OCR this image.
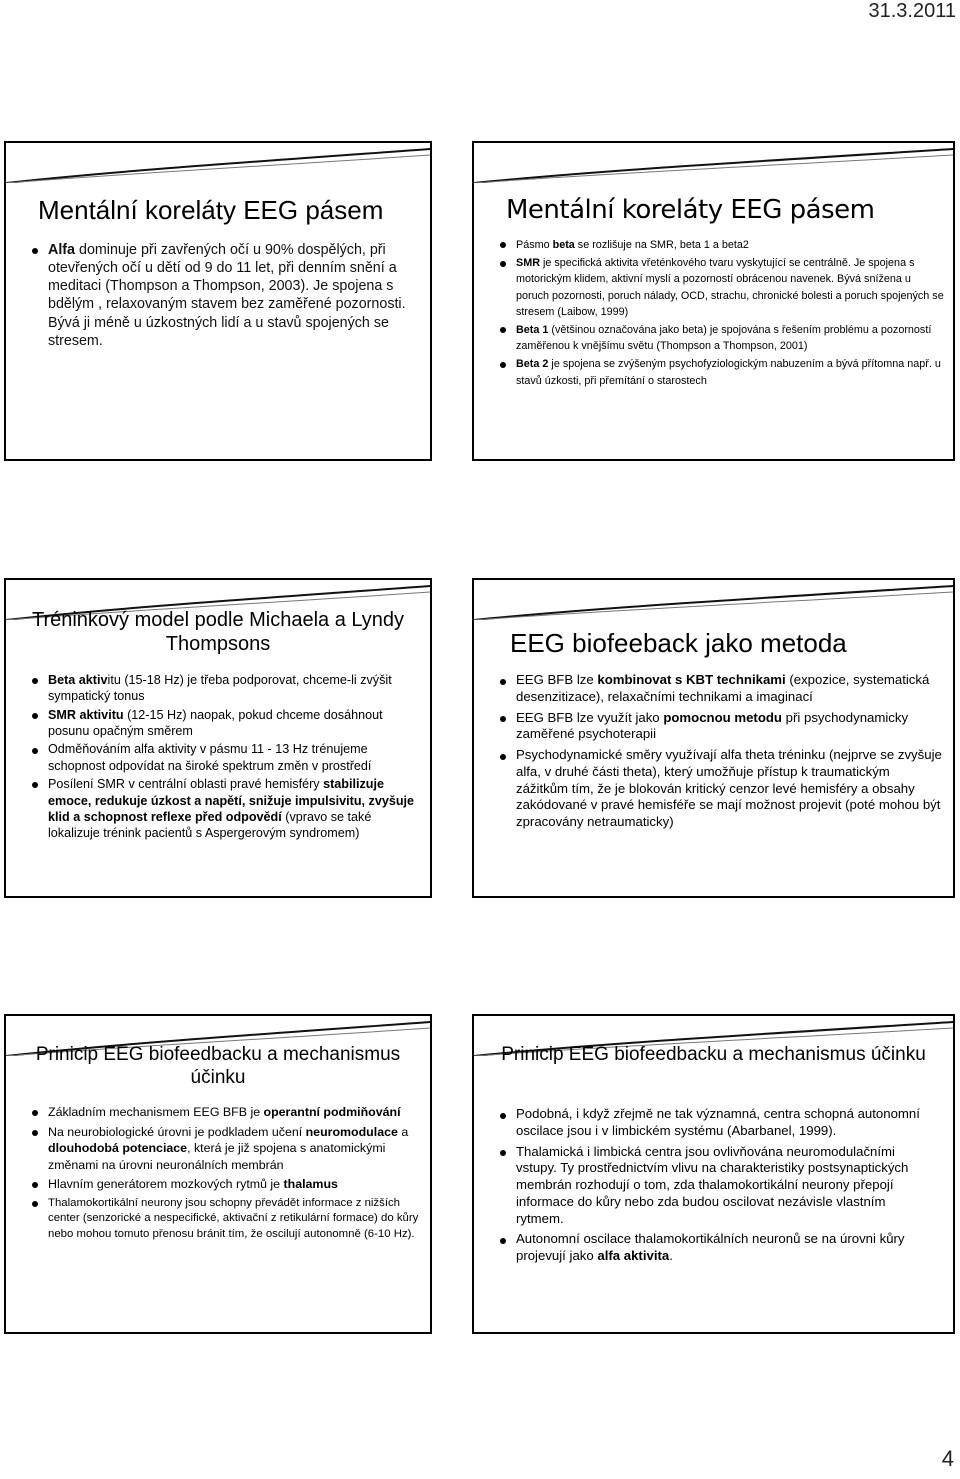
31.3.2011
Mentální koreláty EEG pásem

Alfa dominuje při zavřených očí u 90% dospělých, při otevřených očí u dětí od 9 do 11 let, při denním snění a meditaci (Thompson a Thompson, 2003). Je spojena s bdělým , relaxovaným stavem bez zaměřené pozornosti. Bývá ji méně u úzkostných lidí a u stavů spojených se stresem.

Mentální koreláty EEG pásem

Pásmo beta se rozlišuje na SMR, beta 1 a beta2

SMR je specifická aktivita vřeténkového tvaru vyskytující se centrálně. Je spojena s motorickým klidem, aktivní myslí a pozorností obrácenou navenek. Bývá snížena u poruch pozornosti, poruch nálady, OCD, strachu, chronické bolesti a poruch spojených se stresem (Laibow, 1999)

Beta 1 (většinou označována jako beta) je spojována s řešením problému a pozorností zaměřenou k vnějšímu světu (Thompson a Thompson, 2001)

Beta 2 je spojena se zvýšeným psychofyziologickým nabuzením a bývá přítomna např. u stavů úzkosti, při přemítání o starostech

Tréninkový model podle Michaela a Lyndy Thompsons

Beta aktivitu (15-18 Hz) je třeba podporovat, chceme-li zvýšit sympatický tonus

SMR aktivitu (12-15 Hz) naopak, pokud chceme dosáhnout posunu opačným směrem

Odměňováním alfa aktivity v pásmu 11 - 13 Hz trénujeme schopnost odpovídat na široké spektrum změn v prostředí

Posílení SMR v centrální oblasti pravé hemisféry stabilizuje emoce, redukuje úzkost a napětí, snižuje impulsivitu, zvyšuje klid a schopnost reflexe před odpovědí (vpravo se také lokalizuje trénink pacientů s Aspergerovým syndromem)

EEG biofeeback jako metoda

EEG BFB lze kombinovat s KBT technikami (expozice, systematická desenzitizace), relaxačními technikami a imaginací

EEG BFB lze využít jako pomocnou metodu při psychodynamicky zaměřené psychoterapii

Psychodynamické směry využívají alfa theta tréninku (nejprve se zvyšuje alfa, v druhé části theta), který umožňuje přístup k traumatickým zážitkům tím, že je blokován kritický cenzor levé hemisféry a obsahy zakódované v pravé hemisféře se mají možnost projevit (poté mohou být zpracovány netraumaticky)

Prinicip EEG biofeedbacku a mechanismus účinku

Základním mechanismem EEG BFB je operantní podmiňování

Na neurobiologické úrovni je podkladem učení neuromodulace a dlouhodobá potenciace, která je již spojena s anatomickými změnami na úrovni neuronálních membrán

Hlavním generátorem mozkových rytmů je thalamus

Thalamokortikální neurony jsou schopny převádět informace z nižších center (senzorické a nespecifické, aktivační z retikulární formace) do kůry nebo mohou tomuto přenosu bránit tím, že oscilují autonomně (6-10 Hz).

Prinicip EEG biofeedbacku a mechanismus účinku

Podobná, i když zřejmě ne tak významná, centra schopná autonomní oscilace jsou i v limbickém systému (Abarbanel, 1999).

Thalamická i limbická centra jsou ovlivňována neuromodulačními vstupy. Ty prostřednictvím vlivu na charakteristiky postsynaptických membrán rozhodují o tom, zda thalamokortikální neurony přepojí informace do kůry nebo zda budou oscilovat nezávisle vlastním rytmem.

Autonomní oscilace thalamokortikálních neuronů se na úrovni kůry projevují jako alfa aktivita.

4
